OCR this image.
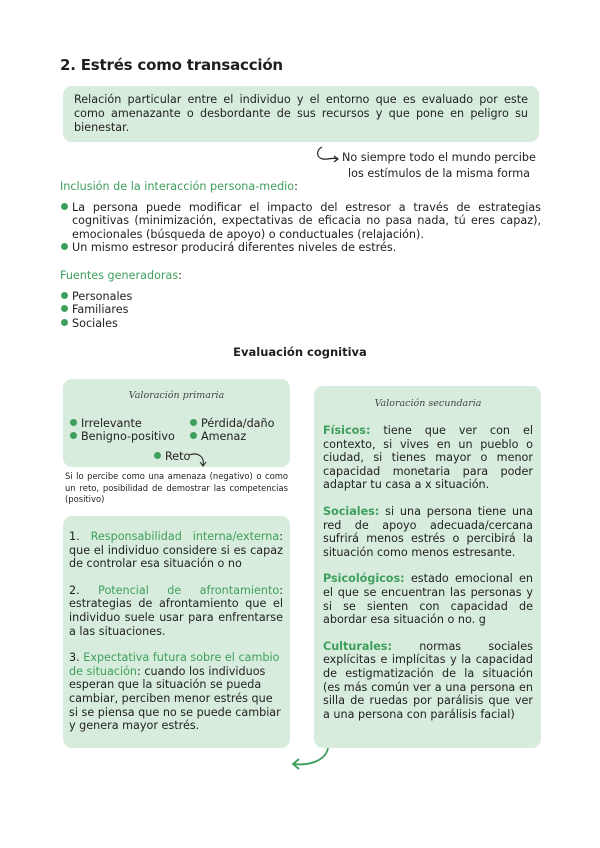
2. Estrés como transacción
Relación particular entre el individuo y el entorno que es evaluado por este como amenazante o desbordante de sus recursos y que pone en peligro su bienestar.
No siempre todo el mundo percibe
los estímulos de la misma forma
Inclusión de la interacción persona-medio:
La persona puede modificar el impacto del estresor a través de estrategias cognitivas (minimización, expectativas de eficacia no pasa nada, tú eres capaz), emocionales (búsqueda de apoyo) o conductuales (relajación).
Un mismo estresor producirá diferentes niveles de estrés.
Fuentes generadoras:
Personales
Familiares
Sociales
Evaluación cognitiva
Valoración primaria
Irrelevante
Benigno-positivo
Pérdida/daño
Amenaz
Reto
Si lo percibe como una amenaza (negativo) o como un reto, posibilidad de demostrar las competencias (positivo)

1. Responsabilidad interna/externa: que el individuo considere si es capaz de controlar esa situación o no

2. Potencial de afrontamiento: estrategias de afrontamiento que el individuo suele usar para enfrentarse a las situaciones.

3. Expectativa futura sobre el cambio de situación: cuando los individuos esperan que la situación se pueda cambiar, perciben menor estrés que si se piensa que no se puede cambiar y genera mayor estrés.

Valoración secundaria

Físicos: tiene que ver con el contexto, si vives en un pueblo o ciudad, si tienes mayor o menor capacidad monetaria para poder adaptar tu casa a x situación.

Sociales: si una persona tiene una red de apoyo adecuada/cercana sufrirá menos estrés o percibirá la situación como menos estresante.

Psicológicos: estado emocional en el que se encuentran las personas y si se sienten con capacidad de abordar esa situación o no. g

Culturales: normas sociales explícitas e implícitas y la capacidad de estigmatización de la situación (es más común ver a una persona en silla de ruedas por parálisis que ver a una persona con parálisis facial)
